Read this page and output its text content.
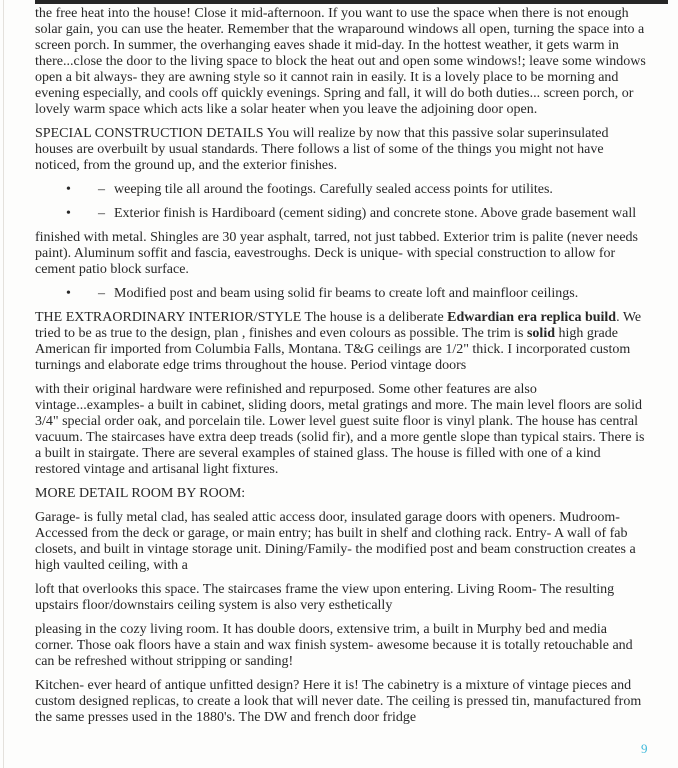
the free heat into the house! Close it mid-afternoon. If you want to use the space when there is not enough solar gain, you can use the heater. Remember that the wraparound windows all open, turning the space into a screen porch. In summer, the overhanging eaves shade it mid-day. In the hottest weather, it gets warm in there...close the door to the living space to block the heat out and open some windows!; leave some windows open a bit always- they are awning style so it cannot rain in easily. It is a lovely place to be morning and evening especially, and cools off quickly evenings. Spring and fall, it will do both duties... screen porch, or lovely warm space which acts like a solar heater when you leave the adjoining door open.

SPECIAL CONSTRUCTION DETAILS You will realize by now that this passive solar superinsulated houses are overbuilt by usual standards. There follows a list of some of the things you might not have noticed, from the ground up, and the exterior finishes.

• – weeping tile all around the footings. Carefully sealed access points for utilites.
• – Exterior finish is Hardiboard (cement siding) and concrete stone. Above grade basement wall

finished with metal. Shingles are 30 year asphalt, tarred, not just tabbed. Exterior trim is palite (never needs paint). Aluminum soffit and fascia, eavestroughs. Deck is unique- with special construction to allow for cement patio block surface.

• – Modified post and beam using solid fir beams to create loft and mainfloor ceilings.

THE EXTRAORDINARY INTERIOR/STYLE The house is a deliberate Edwardian era replica build. We tried to be as true to the design, plan , finishes and even colours as possible. The trim is solid high grade American fir imported from Columbia Falls, Montana. T&G ceilings are 1/2" thick. I incorporated custom turnings and elaborate edge trims throughout the house. Period vintage doors

with their original hardware were refinished and repurposed. Some other features are also vintage...examples- a built in cabinet, sliding doors, metal gratings and more. The main level floors are solid 3/4" special order oak, and porcelain tile. Lower level guest suite floor is vinyl plank. The house has central vacuum. The staircases have extra deep treads (solid fir), and a more gentle slope than typical stairs. There is a built in stairgate. There are several examples of stained glass. The house is filled with one of a kind restored vintage and artisanal light fixtures.

MORE DETAIL ROOM BY ROOM:

Garage- is fully metal clad, has sealed attic access door, insulated garage doors with openers. Mudroom- Accessed from the deck or garage, or main entry; has built in shelf and clothing rack. Entry- A wall of fab closets, and built in vintage storage unit. Dining/Family- the modified post and beam construction creates a high vaulted ceiling, with a

loft that overlooks this space. The staircases frame the view upon entering. Living Room- The resulting upstairs floor/downstairs ceiling system is also very esthetically

pleasing in the cozy living room. It has double doors, extensive trim, a built in Murphy bed and media corner. Those oak floors have a stain and wax finish system- awesome because it is totally retouchable and can be refreshed without stripping or sanding!

Kitchen- ever heard of antique unfitted design? Here it is! The cabinetry is a mixture of vintage pieces and custom designed replicas, to create a look that will never date. The ceiling is pressed tin, manufactured from the same presses used in the 1880's. The DW and french door fridge

9
